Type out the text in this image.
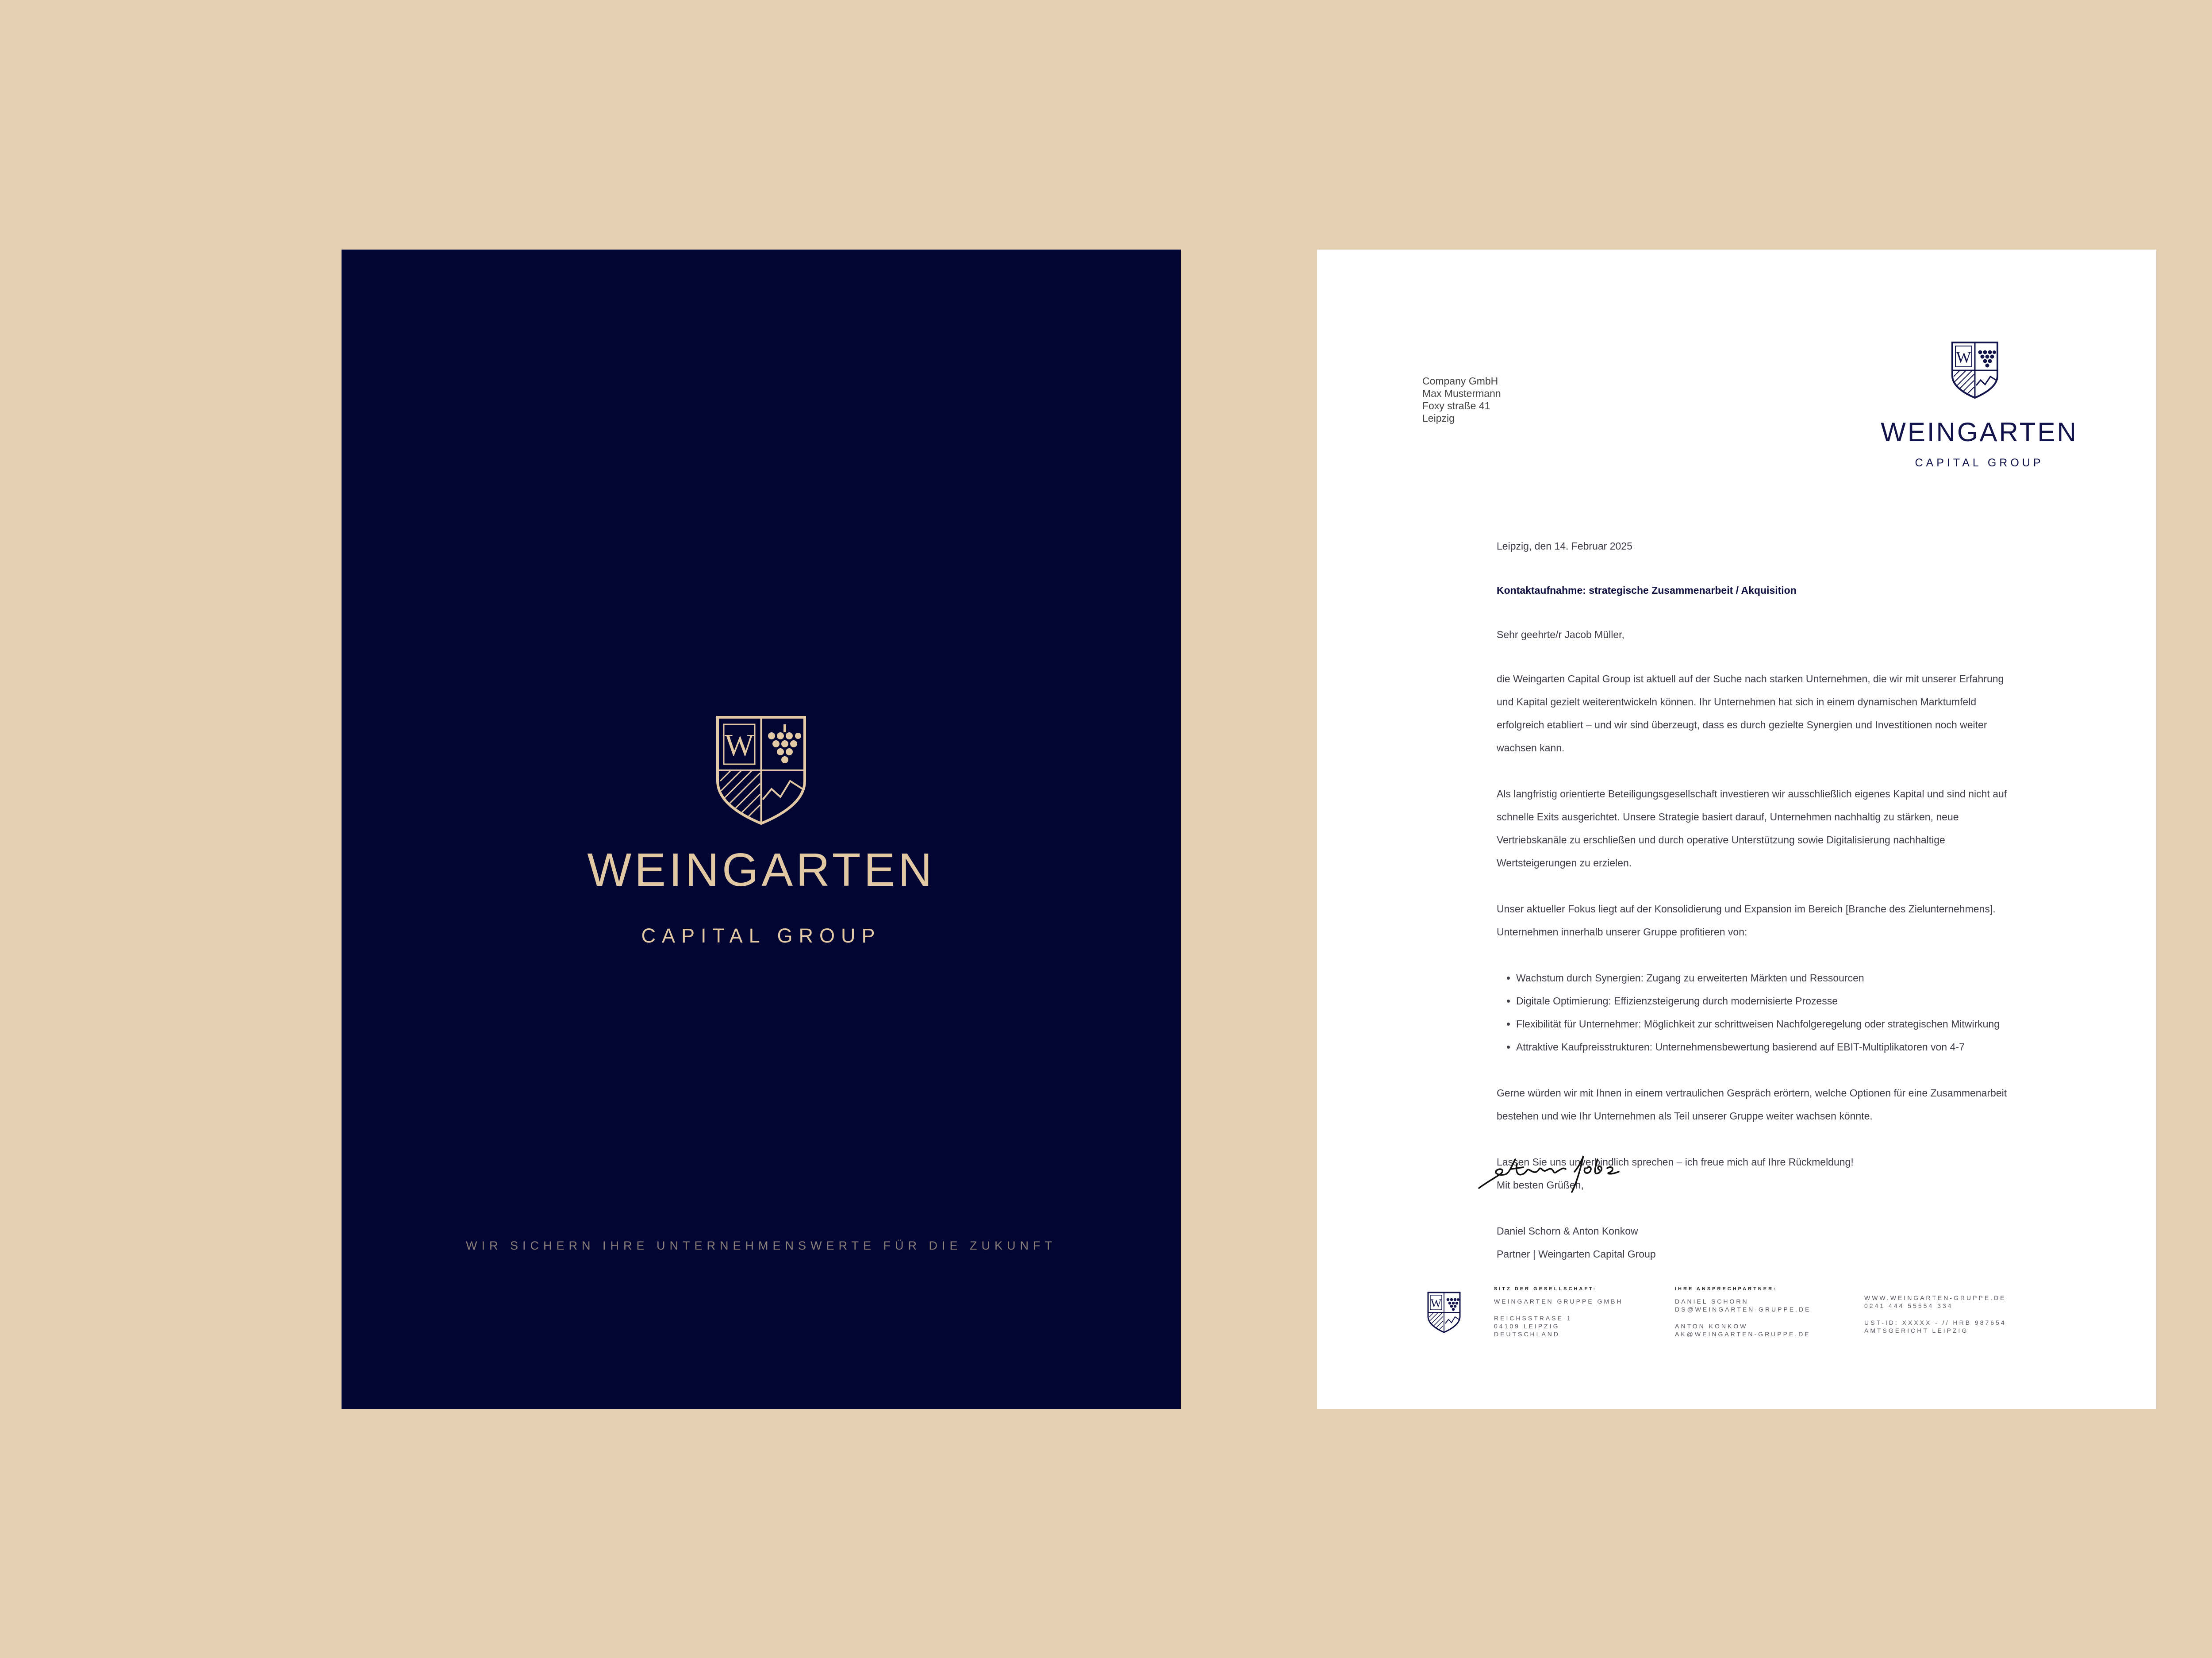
W
WEINGARTEN
CAPITAL GROUP
WIR SICHERN IHRE UNTERNEHMENSWERTE FÜR DIE ZUKUNFT
W
WEINGARTEN
CAPITAL GROUP
Company GmbH
Max Mustermann
Foxy straße 41
Leipzig

Leipzig, den 14. Februar 2025

Kontaktaufnahme: strategische Zusammenarbeit / Akquisition

Sehr geehrte/r Jacob Müller,

die Weingarten Capital Group ist aktuell auf der Suche nach starken Unternehmen, die wir mit unserer Erfahrung und Kapital gezielt weiterentwickeln können. Ihr Unternehmen hat sich in einem dynamischen Marktumfeld erfolgreich etabliert – und wir sind überzeugt, dass es durch gezielte Synergien und Investitionen noch weiter wachsen kann.

Als langfristig orientierte Beteiligungsgesellschaft investieren wir ausschließlich eigenes Kapital und sind nicht auf schnelle Exits ausgerichtet. Unsere Strategie basiert darauf, Unternehmen nachhaltig zu stärken, neue Vertriebskanäle zu erschließen und durch operative Unterstützung sowie Digitalisierung nachhaltige Wertsteigerungen zu erzielen.

Unser aktueller Fokus liegt auf der Konsolidierung und Expansion im Bereich [Branche des Zielunternehmens]. Unternehmen innerhalb unserer Gruppe profitieren von:

• Wachstum durch Synergien: Zugang zu erweiterten Märkten und Ressourcen
• Digitale Optimierung: Effizienzsteigerung durch modernisierte Prozesse
• Flexibilität für Unternehmer: Möglichkeit zur schrittweisen Nachfolgeregelung oder strategischen Mitwirkung
• Attraktive Kaufpreisstrukturen: Unternehmensbewertung basierend auf EBIT-Multiplikatoren von 4-7

Gerne würden wir mit Ihnen in einem vertraulichen Gespräch erörtern, welche Optionen für eine Zusammenarbeit bestehen und wie Ihr Unternehmen als Teil unserer Gruppe weiter wachsen könnte.

Lassen Sie uns unverbindlich sprechen – ich freue mich auf Ihre Rückmeldung!

Mit besten Grüßen,

Daniel Schorn & Anton Konkow

Partner | Weingarten Capital Group

W
SITZ DER GESELLSCHAFT:
WEINGARTEN GRUPPE GMBH
REICHSSTRASE 1
04109 LEIPZIG
DEUTSCHLAND
IHRE ANSPRECHPARTNER:
DANIEL SCHORN
DS@WEINGARTEN-GRUPPE.DE
ANTON KONKOW
AK@WEINGARTEN-GRUPPE.DE
WWW.WEINGARTEN-GRUPPE.DE
0241 444 55554 334
UST-ID: XXXXX - // HRB 987654
AMTSGERICHT LEIPZIG
